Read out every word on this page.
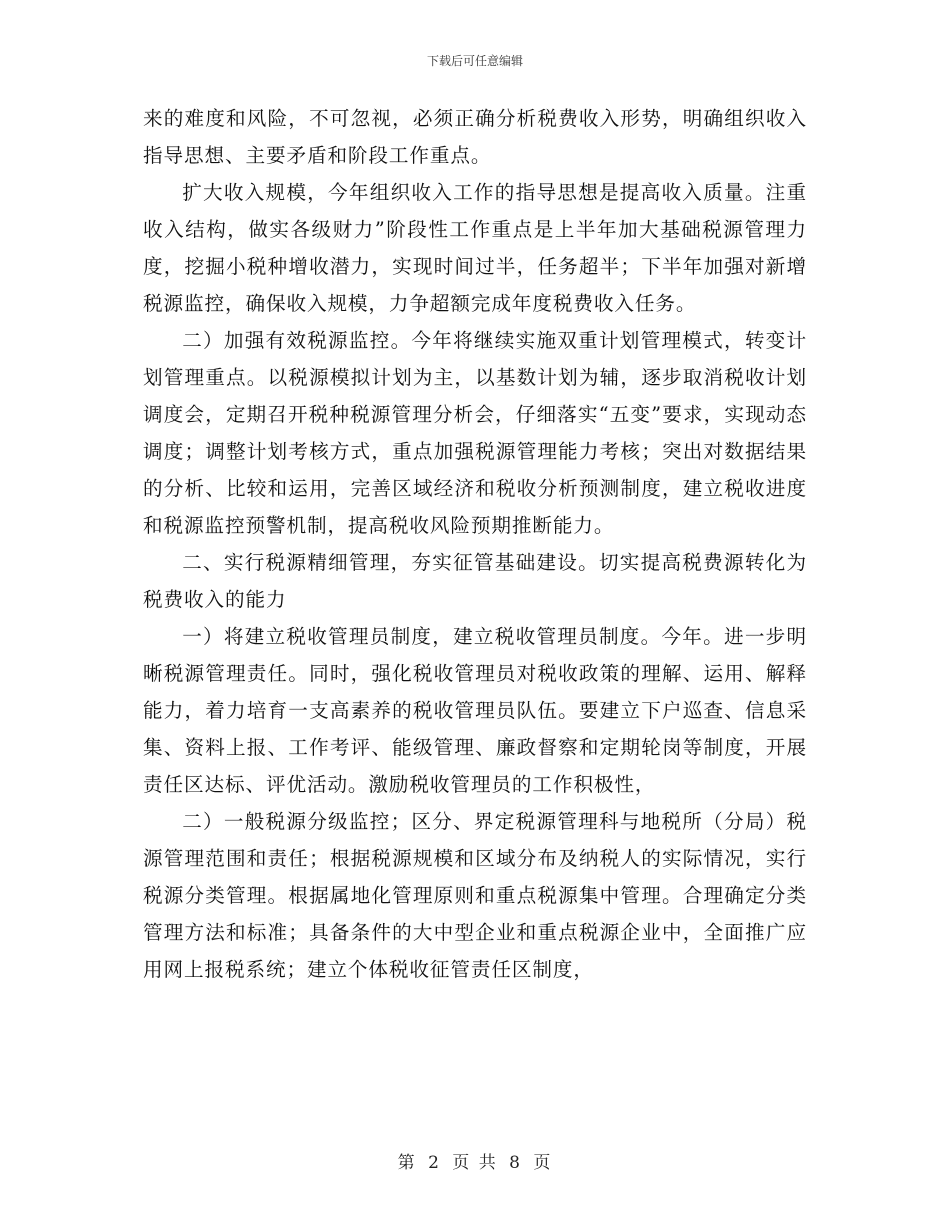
下载后可任意编辑

来的难度和风险，不可忽视，必须正确分析税费收入形势，明确组织收入指导思想、主要矛盾和阶段工作重点。

扩大收入规模，今年组织收入工作的指导思想是提高收入质量。注重收入结构，做实各级财力”阶段性工作重点是上半年加大基础税源管理力度，挖掘小税种增收潜力，实现时间过半，任务超半；下半年加强对新增税源监控，确保收入规模，力争超额完成年度税费收入任务。

二）加强有效税源监控。今年将继续实施双重计划管理模式，转变计划管理重点。以税源模拟计划为主，以基数计划为辅，逐步取消税收计划调度会，定期召开税种税源管理分析会，仔细落实“五变”要求，实现动态调度；调整计划考核方式，重点加强税源管理能力考核；突出对数据结果的分析、比较和运用，完善区域经济和税收分析预测制度，建立税收进度和税源监控预警机制，提高税收风险预期推断能力。

二、实行税源精细管理，夯实征管基础建设。切实提高税费源转化为税费收入的能力

一）将建立税收管理员制度，建立税收管理员制度。今年。进一步明晰税源管理责任。同时，强化税收管理员对税收政策的理解、运用、解释能力，着力培育一支高素养的税收管理员队伍。要建立下户巡查、信息采集、资料上报、工作考评、能级管理、廉政督察和定期轮岗等制度，开展责任区达标、评优活动。激励税收管理员的工作积极性，

二）一般税源分级监控；区分、界定税源管理科与地税所（分局）税源管理范围和责任；根据税源规模和区域分布及纳税人的实际情况，实行税源分类管理。根据属地化管理原则和重点税源集中管理。合理确定分类管理方法和标准；具备条件的大中型企业和重点税源企业中，全面推广应用网上报税系统；建立个体税收征管责任区制度，

第 2 页 共 8 页
